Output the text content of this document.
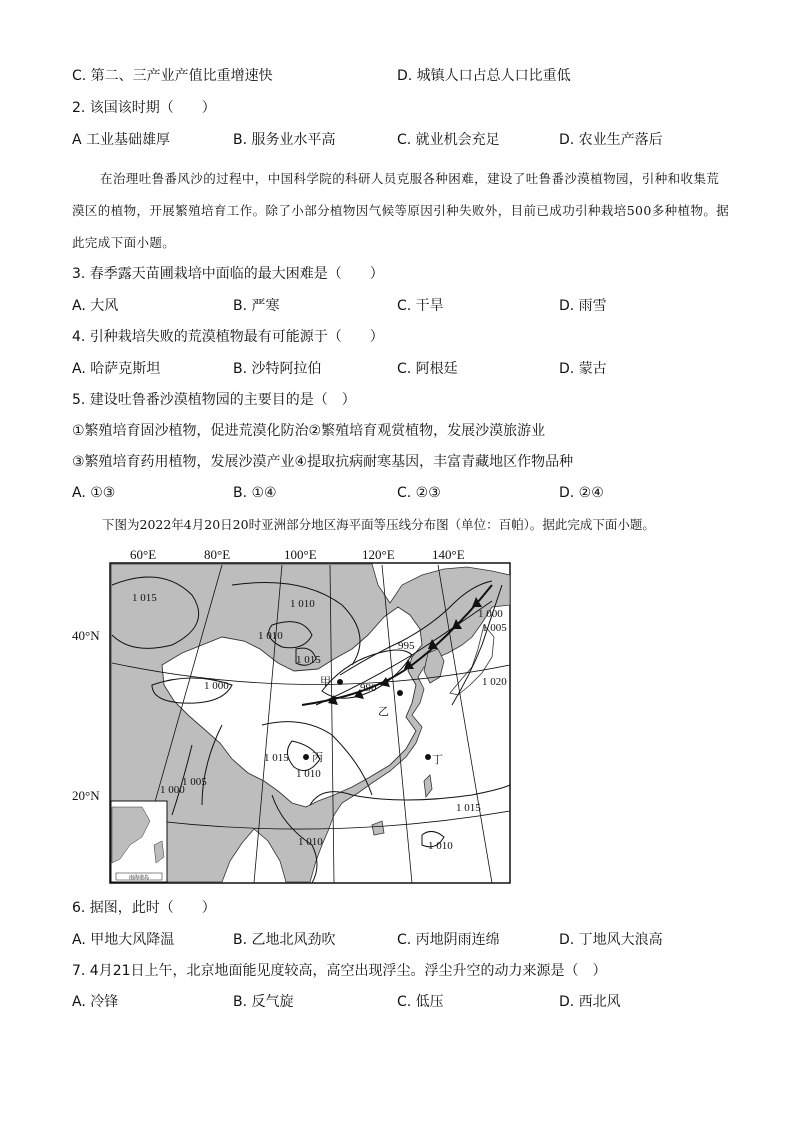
C. 第二、三产业产值比重增速快	D. 城镇人口占总人口比重低
2. 该国该时期（　　）
A 工业基础雄厚	B. 服务业水平高	C. 就业机会充足	D. 农业生产落后
在治理吐鲁番风沙的过程中，中国科学院的科研人员克服各种困难，建设了吐鲁番沙漠植物园，引种和收集荒漠区的植物，开展繁殖培育工作。除了小部分植物因气候等原因引种失败外，目前已成功引种栽培500多种植物。据此完成下面小题。
3. 春季露天苗圃栽培中面临的最大困难是（　　）
A. 大风	B. 严寒	C. 干旱	D. 雨雪
4. 引种栽培失败的荒漠植物最有可能源于（　　）
A. 哈萨克斯坦	B. 沙特阿拉伯	C. 阿根廷	D. 蒙古
5. 建设吐鲁番沙漠植物园的主要目的是（　）
①繁殖培育固沙植物，促进荒漠化防治②繁殖培育观赏植物，发展沙漠旅游业
③繁殖培育药用植物，发展沙漠产业④提取抗病耐寒基因，丰富青藏地区作物品种
A. ①③	B. ①④	C. ②③	D. ②④
下图为2022年4月20日20时亚洲部分地区海平面等压线分布图（单位：百帕）。据此完成下面小题。
60°E	80°E	100°E	120°E	140°E
40°N
20°N
1 015	1 010
1 010
1 015
1 000	990
995
1 000
1 005
1 020
1 015
1 010
1 005
1 000
1 015
1 010
1 010
甲
乙
丙	丁
南海诸岛
6. 据图，此时（　　）
A. 甲地大风降温	B. 乙地北风劲吹	C. 丙地阴雨连绵	D. 丁地风大浪高
7. 4月21日上午，北京地面能见度较高，高空出现浮尘。浮尘升空的动力来源是（　）
A. 冷锋	B. 反气旋	C. 低压	D. 西北风
